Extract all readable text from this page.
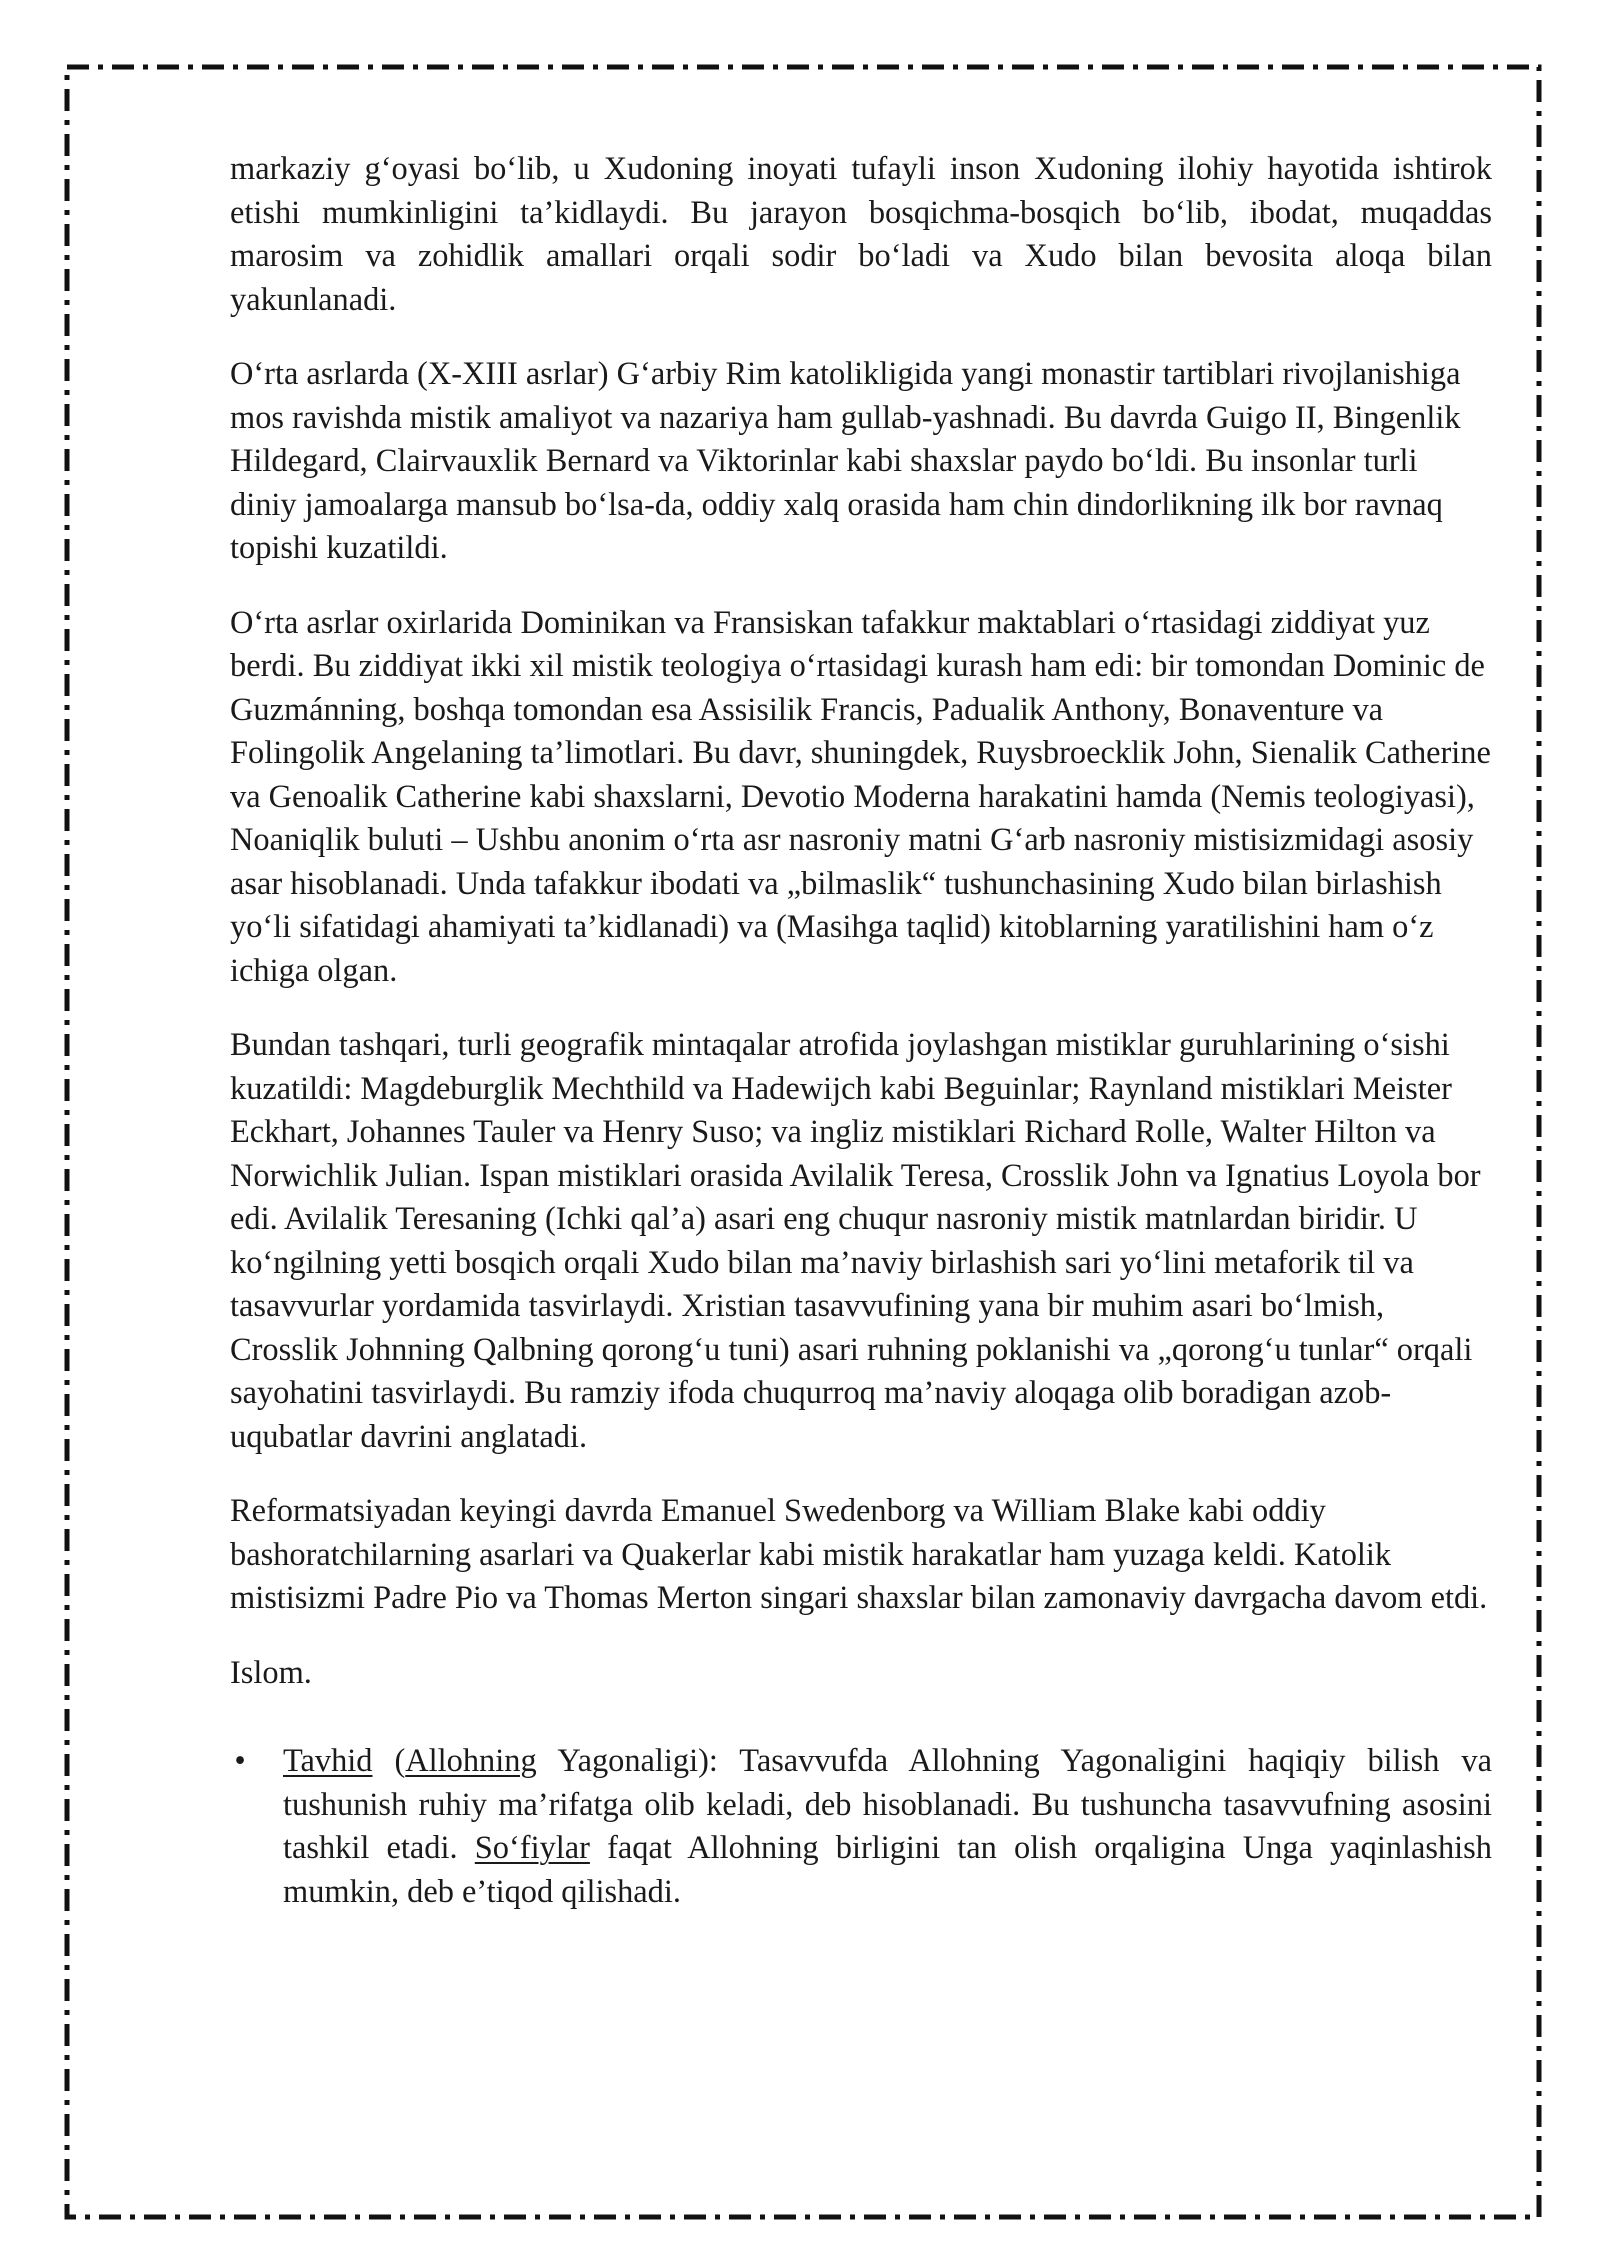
markaziy g‘oyasi bo‘lib, u Xudoning inoyati tufayli inson Xudoning ilohiy hayotida ishtirok etishi mumkinligini ta’kidlaydi. Bu jarayon bosqichma-bosqich bo‘lib, ibodat, muqaddas marosim va zohidlik amallari orqali sodir bo‘ladi va Xudo bilan bevosita aloqa bilan yakunlanadi.

O‘rta asrlarda (X-XIII asrlar) G‘arbiy Rim katolikligida yangi monastir tartiblari rivojlanishiga mos ravishda mistik amaliyot va nazariya ham gullab-yashnadi. Bu davrda Guigo II, Bingenlik Hildegard, Clairvauxlik Bernard va Viktorinlar kabi shaxslar paydo bo‘ldi. Bu insonlar turli diniy jamoalarga mansub bo‘lsa-da, oddiy xalq orasida ham chin dindorlikning ilk bor ravnaq topishi kuzatildi.

O‘rta asrlar oxirlarida Dominikan va Fransiskan tafakkur maktablari o‘rtasidagi ziddiyat yuz berdi. Bu ziddiyat ikki xil mistik teologiya o‘rtasidagi kurash ham edi: bir tomondan Dominic de Guzmánning, boshqa tomondan esa Assisilik Francis, Padualik Anthony, Bonaventure va Folingolik Angelaning ta’limotlari. Bu davr, shuningdek, Ruysbroecklik John, Sienalik Catherine va Genoalik Catherine kabi shaxslarni, Devotio Moderna harakatini hamda (Nemis teologiyasi), Noaniqlik buluti – Ushbu anonim o‘rta asr nasroniy matni G‘arb nasroniy mistisizmidagi asosiy asar hisoblanadi. Unda tafakkur ibodati va „bilmaslik“ tushunchasining Xudo bilan birlashish yo‘li sifatidagi ahamiyati ta’kidlanadi) va (Masihga taqlid) kitoblarning yaratilishini ham o‘z ichiga olgan.

Bundan tashqari, turli geografik mintaqalar atrofida joylashgan mistiklar guruhlarining o‘sishi kuzatildi: Magdeburglik Mechthild va Hadewijch kabi Beguinlar; Raynland mistiklari Meister Eckhart, Johannes Tauler va Henry Suso; va ingliz mistiklari Richard Rolle, Walter Hilton va Norwichlik Julian. Ispan mistiklari orasida Avilalik Teresa, Crosslik John va Ignatius Loyola bor edi. Avilalik Teresaning (Ichki qal’a) asari eng chuqur nasroniy mistik matnlardan biridir. U ko‘ngilning yetti bosqich orqali Xudo bilan ma’naviy birlashish sari yo‘lini metaforik til va tasavvurlar yordamida tasvirlaydi. Xristian tasavvufining yana bir muhim asari bo‘lmish, Crosslik Johnning Qalbning qorong‘u tuni) asari ruhning poklanishi va „qorong‘u tunlar“ orqali sayohatini tasvirlaydi. Bu ramziy ifoda chuqurroq ma’naviy aloqaga olib boradigan azob-uqubatlar davrini anglatadi.

Reformatsiyadan keyingi davrda Emanuel Swedenborg va William Blake kabi oddiy bashoratchilarning asarlari va Quakerlar kabi mistik harakatlar ham yuzaga keldi. Katolik mistisizmi Padre Pio va Thomas Merton singari shaxslar bilan zamonaviy davrgacha davom etdi.

Islom.

• Tavhid (Allohning Yagonaligi): Tasavvufda Allohning Yagonaligini haqiqiy bilish va tushunish ruhiy ma’rifatga olib keladi, deb hisoblanadi. Bu tushuncha tasavvufning asosini tashkil etadi. So‘fiylar faqat Allohning birligini tan olish orqaligina Unga yaqinlashish mumkin, deb e’tiqod qilishadi.
